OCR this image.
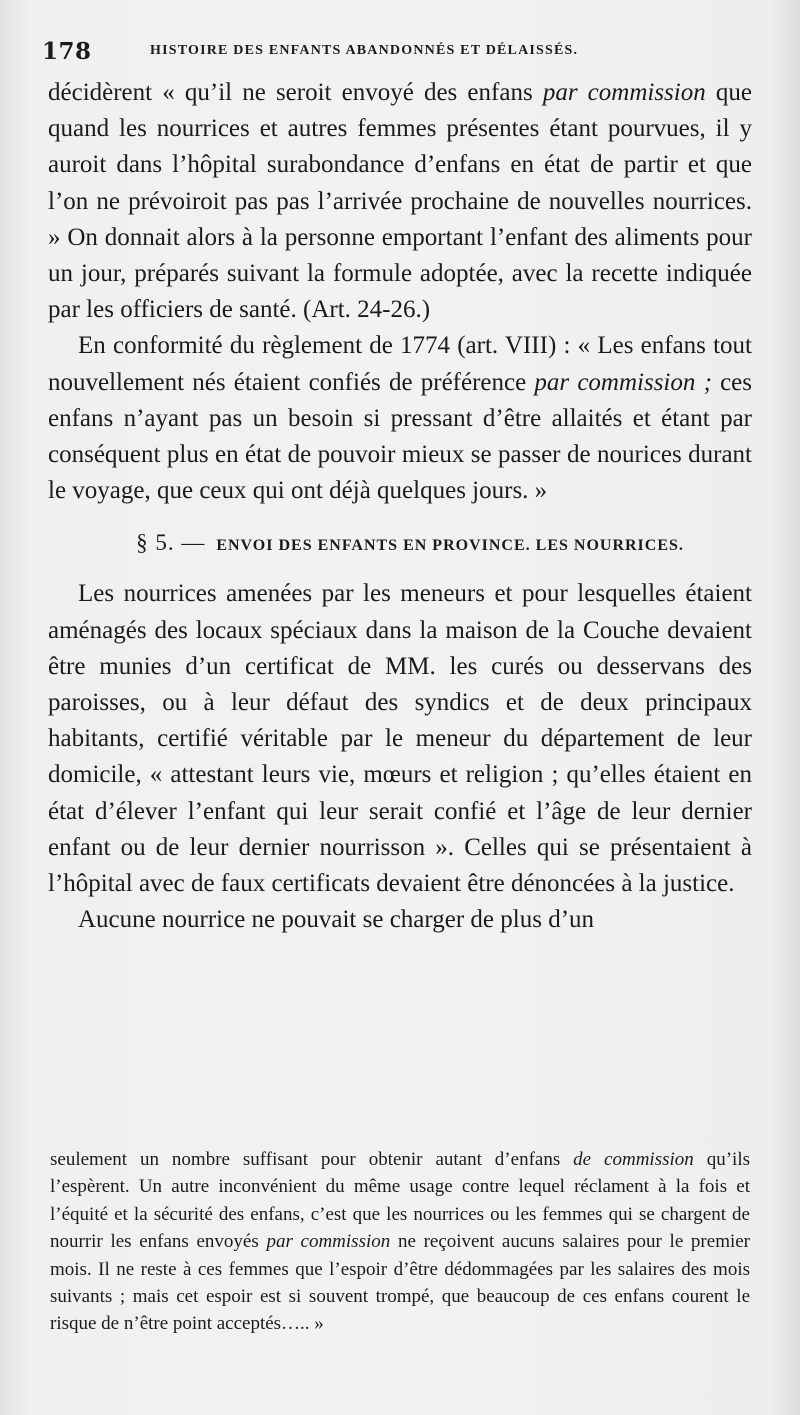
178	HISTOIRE DES ENFANTS ABANDONNÉS ET DÉLAISSÉS.

décidèrent « qu’il ne seroit envoyé des enfans par commission que quand les nourrices et autres femmes présentes étant pourvues, il y auroit dans l’hôpital surabondance d’enfans en état de partir et que l’on ne prévoiroit pas pas l’arrivée prochaine de nouvelles nourrices. » On donnait alors à la personne emportant l’enfant des aliments pour un jour, préparés suivant la formule adoptée, avec la recette indiquée par les officiers de santé. (Art. 24-26.)

En conformité du règlement de 1774 (art. VIII) : « Les enfans tout nouvellement nés étaient confiés de préférence par commission ; ces enfans n’ayant pas un besoin si pressant d’être allaités et étant par conséquent plus en état de pouvoir mieux se passer de nourices durant le voyage, que ceux qui ont déjà quelques jours. »

§ 5. — ENVOI DES ENFANTS EN PROVINCE. LES NOURRICES.

Les nourrices amenées par les meneurs et pour lesquelles étaient aménagés des locaux spéciaux dans la maison de la Couche devaient être munies d’un certificat de MM. les curés ou desservans des paroisses, ou à leur défaut des syndics et de deux principaux habitants, certifié véritable par le meneur du département de leur domicile, « attestant leurs vie, mœurs et religion ; qu’elles étaient en état d’élever l’enfant qui leur serait confié et l’âge de leur dernier enfant ou de leur dernier nourrisson ». Celles qui se présentaient à l’hôpital avec de faux certificats devaient être dénoncées à la justice.

Aucune nourrice ne pouvait se charger de plus d’un

seulement un nombre suffisant pour obtenir autant d’enfans de commission qu’ils l’espèrent. Un autre inconvénient du même usage contre lequel réclament à la fois et l’équité et la sécurité des enfans, c’est que les nourrices ou les femmes qui se chargent de nourrir les enfans envoyés par commission ne reçoivent aucuns salaires pour le premier mois. Il ne reste à ces femmes que l’espoir d’être dédommagées par les salaires des mois suivants ; mais cet espoir est si souvent trompé, que beaucoup de ces enfans courent le risque de n’être point acceptés….. »
